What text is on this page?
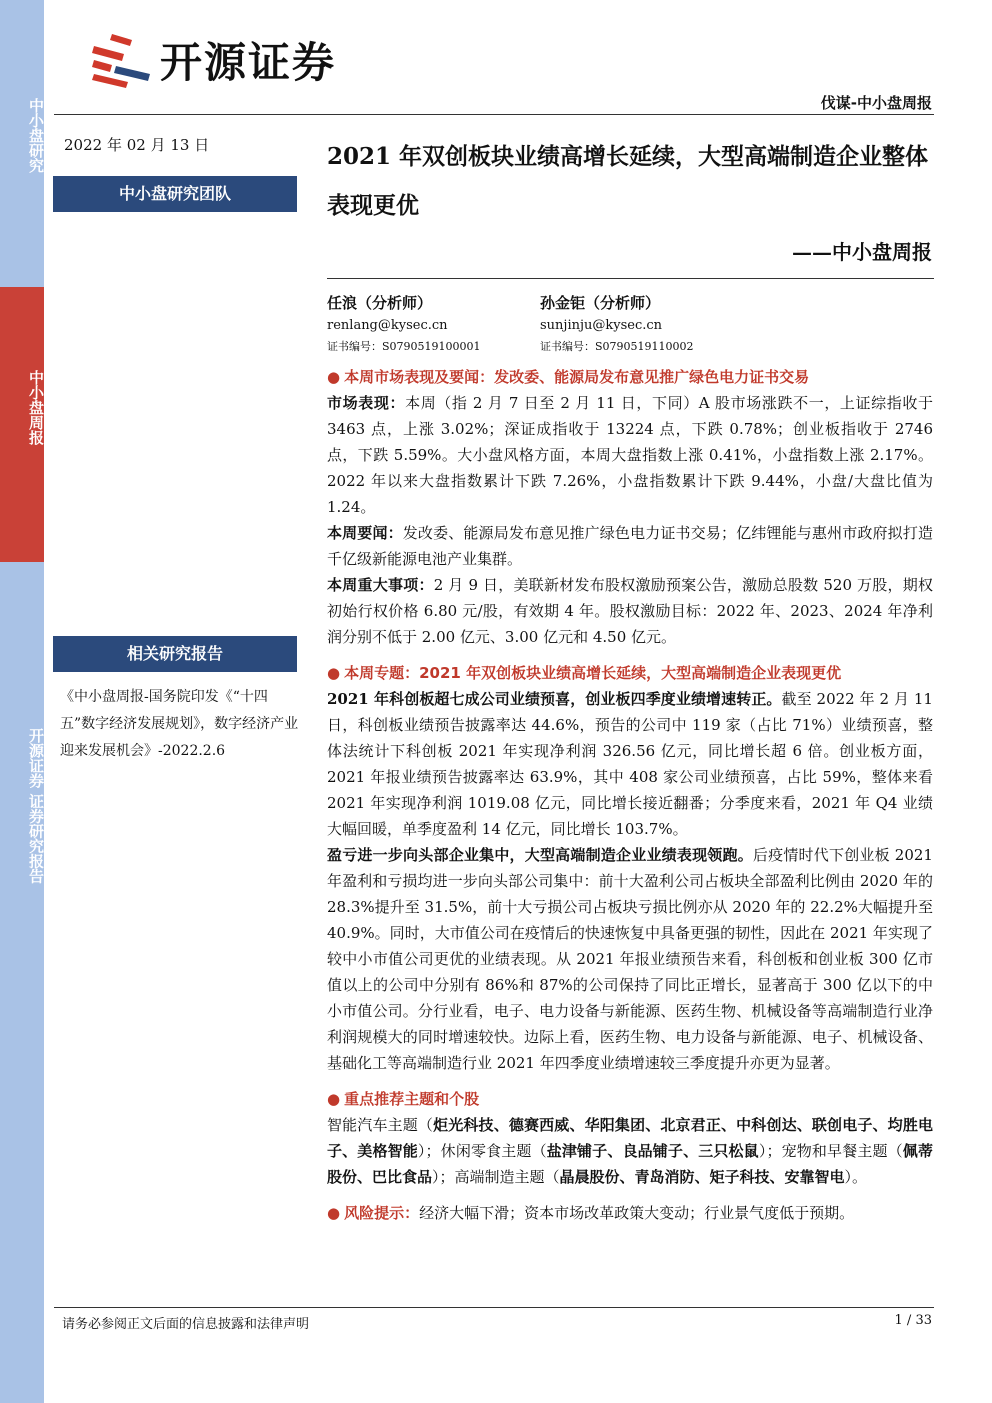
中小盘研究
中小盘周报
开源证券 证券研究报告
开源证券
伐谋-中小盘周报
2022 年 02 月 13 日
中小盘研究团队
相关研究报告
《中小盘周报-国务院印发《“十四五”数字经济发展规划》，数字经济产业迎来发展机会》-2022.2.6
2021 年双创板块业绩高增长延续，大型高端制造企业整体表现更优
——中小盘周报
任浪（分析师）
renlang@kysec.cn
证书编号：S0790519100001
孙金钜（分析师）
sunjinju@kysec.cn
证书编号：S0790519110002

● 本周市场表现及要闻：发改委、能源局发布意见推广绿色电力证书交易

市场表现：本周（指 2 月 7 日至 2 月 11 日，下同）A 股市场涨跌不一，上证综指收于 3463 点，上涨 3.02%；深证成指收于 13224 点，下跌 0.78%；创业板指收于 2746 点，下跌 5.59%。大小盘风格方面，本周大盘指数上涨 0.41%，小盘指数上涨 2.17%。2022 年以来大盘指数累计下跌 7.26%，小盘指数累计下跌 9.44%，小盘/大盘比值为 1.24。

本周要闻：发改委、能源局发布意见推广绿色电力证书交易；亿纬锂能与惠州市政府拟打造千亿级新能源电池产业集群。

本周重大事项：2 月 9 日，美联新材发布股权激励预案公告，激励总股数 520 万股，期权初始行权价格 6.80 元/股，有效期 4 年。股权激励目标：2022 年、2023、2024 年净利润分别不低于 2.00 亿元、3.00 亿元和 4.50 亿元。

● 本周专题：2021 年双创板块业绩高增长延续，大型高端制造企业表现更优

2021 年科创板超七成公司业绩预喜，创业板四季度业绩增速转正。截至 2022 年 2 月 11 日，科创板业绩预告披露率达 44.6%，预告的公司中 119 家（占比 71%）业绩预喜，整体法统计下科创板 2021 年实现净利润 326.56 亿元，同比增长超 6 倍。创业板方面，2021 年报业绩预告披露率达 63.9%，其中 408 家公司业绩预喜，占比 59%，整体来看 2021 年实现净利润 1019.08 亿元，同比增长接近翻番；分季度来看，2021 年 Q4 业绩大幅回暖，单季度盈利 14 亿元，同比增长 103.7%。

盈亏进一步向头部企业集中，大型高端制造企业业绩表现领跑。后疫情时代下创业板 2021 年盈利和亏损均进一步向头部公司集中：前十大盈利公司占板块全部盈利比例由 2020 年的 28.3%提升至 31.5%，前十大亏损公司占板块亏损比例亦从 2020 年的 22.2%大幅提升至 40.9%。同时，大市值公司在疫情后的快速恢复中具备更强的韧性，因此在 2021 年实现了较中小市值公司更优的业绩表现。从 2021 年报业绩预告来看，科创板和创业板 300 亿市值以上的公司中分别有 86%和 87%的公司保持了同比正增长，显著高于 300 亿以下的中小市值公司。分行业看，电子、电力设备与新能源、医药生物、机械设备等高端制造行业净利润规模大的同时增速较快。边际上看，医药生物、电力设备与新能源、电子、机械设备、基础化工等高端制造行业 2021 年四季度业绩增速较三季度提升亦更为显著。

● 重点推荐主题和个股

智能汽车主题（炬光科技、德赛西威、华阳集团、北京君正、中科创达、联创电子、均胜电子、美格智能）；休闲零食主题（盐津铺子、良品铺子、三只松鼠）；宠物和早餐主题（佩蒂股份、巴比食品）；高端制造主题（晶晨股份、青岛消防、矩子科技、安靠智电）。

● 风险提示：经济大幅下滑；资本市场改革政策大变动；行业景气度低于预期。

请务必参阅正文后面的信息披露和法律声明	1 / 33
